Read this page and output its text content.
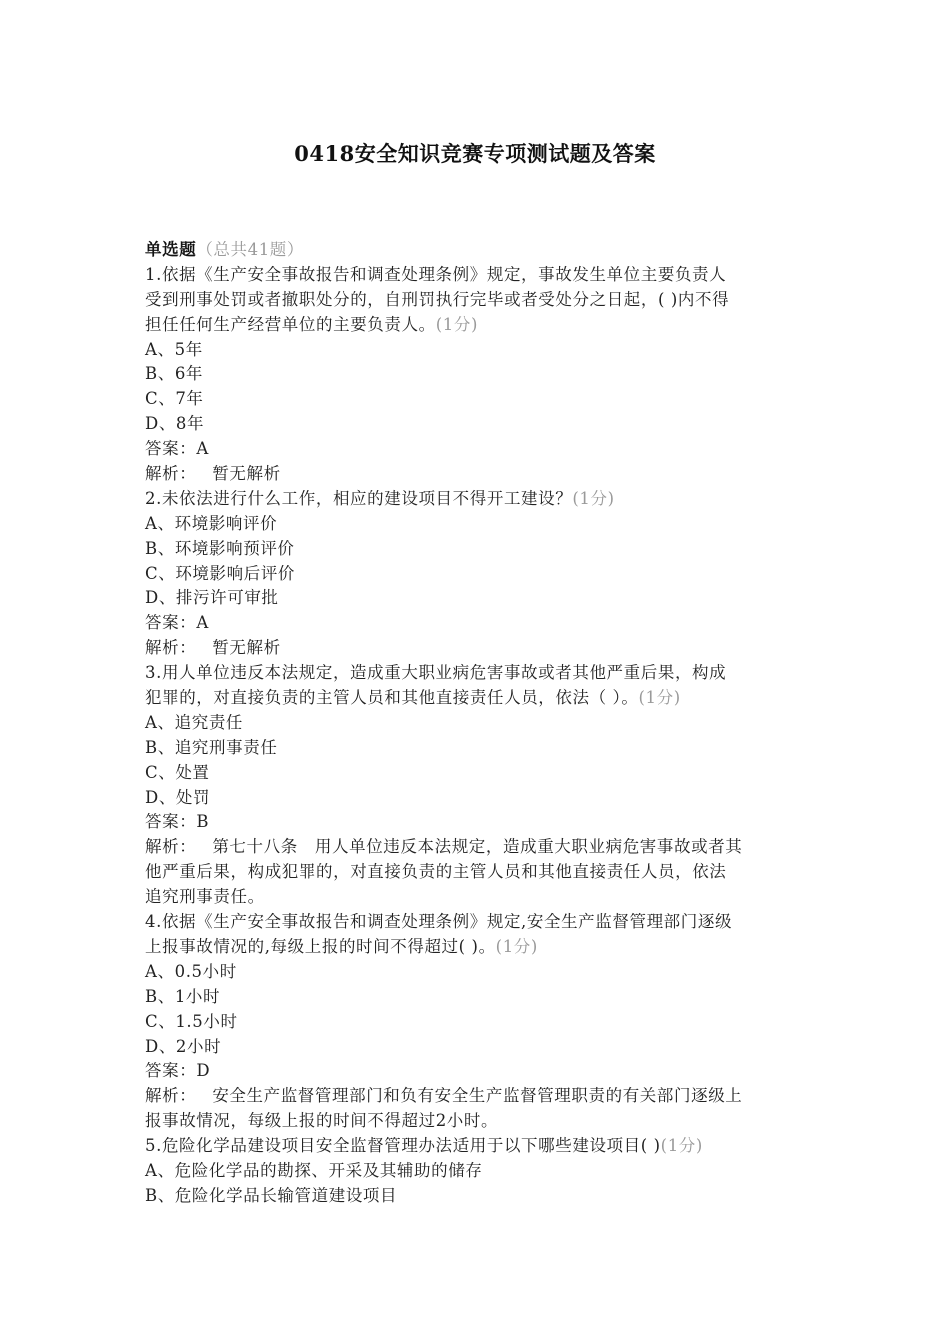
0418安全知识竞赛专项测试题及答案
单选题（总共41题）
1.依据《生产安全事故报告和调查处理条例》规定，事故发生单位主要负责人
受到刑事处罚或者撤职处分的，自刑罚执行完毕或者受处分之日起，( )内不得
担任任何生产经营单位的主要负责人。(1分)
A、5年
B、6年
C、7年
D、8年
答案：A
解析： 暂无解析
2.未依法进行什么工作，相应的建设项目不得开工建设？(1分)
A、环境影响评价
B、环境影响预评价
C、环境影响后评价
D、排污许可审批
答案：A
解析： 暂无解析
3.用人单位违反本法规定，造成重大职业病危害事故或者其他严重后果，构成
犯罪的，对直接负责的主管人员和其他直接责任人员，依法（ ）。(1分)
A、追究责任
B、追究刑事责任
C、处置
D、处罚
答案：B
解析： 第七十八条　用人单位违反本法规定，造成重大职业病危害事故或者其
他严重后果，构成犯罪的，对直接负责的主管人员和其他直接责任人员，依法
追究刑事责任。
4.依据《生产安全事故报告和调查处理条例》规定,安全生产监督管理部门逐级
上报事故情况的,每级上报的时间不得超过( )。(1分)
A、0.5小时
B、1小时
C、1.5小时
D、2小时
答案：D
解析： 安全生产监督管理部门和负有安全生产监督管理职责的有关部门逐级上
报事故情况，每级上报的时间不得超过2小时。
5.危险化学品建设项目安全监督管理办法适用于以下哪些建设项目( )(1分)
A、危险化学品的勘探、开采及其辅助的储存
B、危险化学品长输管道建设项目
